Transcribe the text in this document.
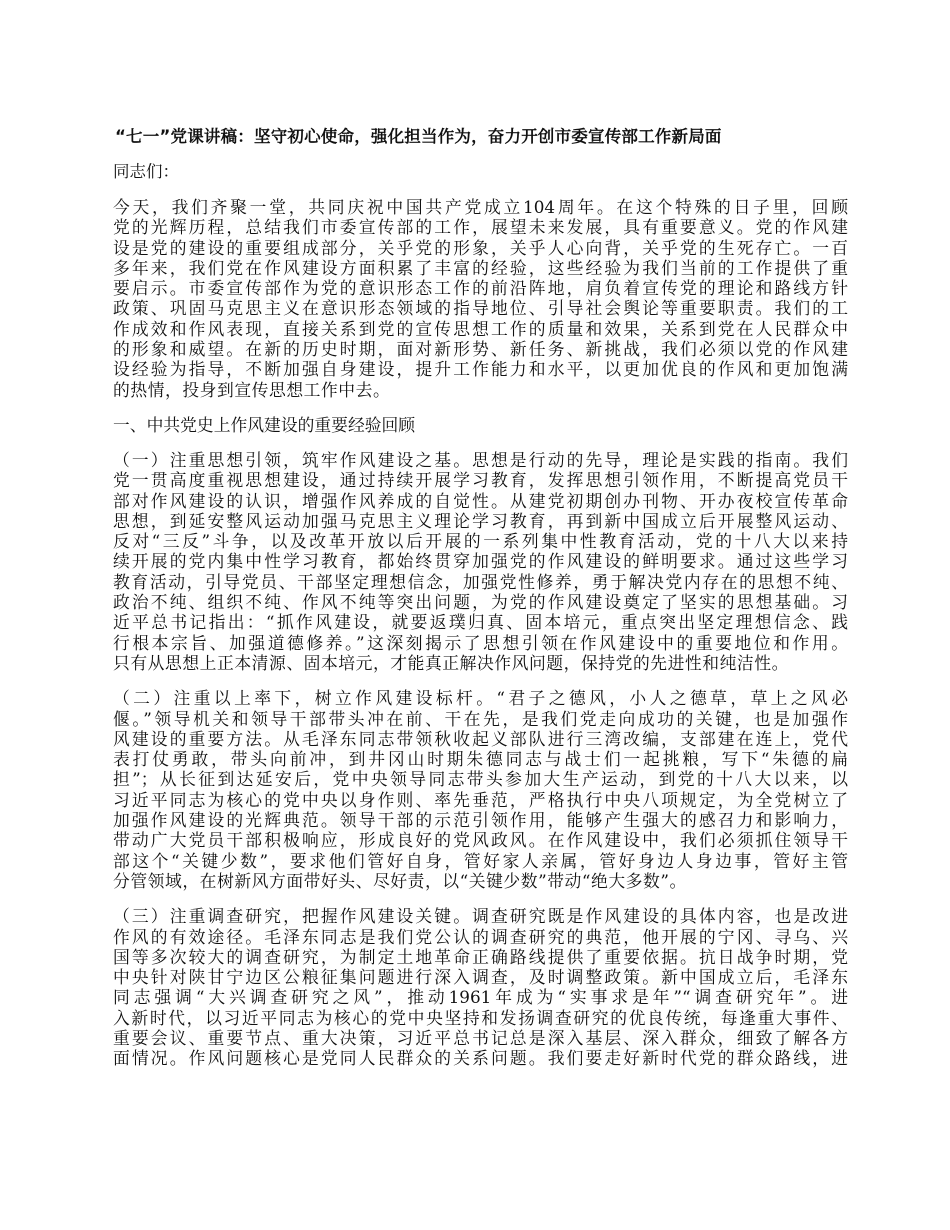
“七一”党课讲稿：坚守初心使命，强化担当作为，奋力开创市委宣传部工作新局面
同志们：
今天，我们齐聚一堂，共同庆祝中国共产党成立104周年。在这个特殊的日子里，回顾
党的光辉历程，总结我们市委宣传部的工作，展望未来发展，具有重要意义。党的作风建
设是党的建设的重要组成部分，关乎党的形象，关乎人心向背，关乎党的生死存亡。一百
多年来，我们党在作风建设方面积累了丰富的经验，这些经验为我们当前的工作提供了重
要启示。市委宣传部作为党的意识形态工作的前沿阵地，肩负着宣传党的理论和路线方针
政策、巩固马克思主义在意识形态领域的指导地位、引导社会舆论等重要职责。我们的工
作成效和作风表现，直接关系到党的宣传思想工作的质量和效果，关系到党在人民群众中
的形象和威望。在新的历史时期，面对新形势、新任务、新挑战，我们必须以党的作风建
设经验为指导，不断加强自身建设，提升工作能力和水平，以更加优良的作风和更加饱满
的热情，投身到宣传思想工作中去。
一、中共党史上作风建设的重要经验回顾
（一）注重思想引领，筑牢作风建设之基。思想是行动的先导，理论是实践的指南。我们
党一贯高度重视思想建设，通过持续开展学习教育，发挥思想引领作用，不断提高党员干
部对作风建设的认识，增强作风养成的自觉性。从建党初期创办刊物、开办夜校宣传革命
思想，到延安整风运动加强马克思主义理论学习教育，再到新中国成立后开展整风运动、
反对“三反”斗争，以及改革开放以后开展的一系列集中性教育活动，党的十八大以来持
续开展的党内集中性学习教育，都始终贯穿加强党的作风建设的鲜明要求。通过这些学习
教育活动，引导党员、干部坚定理想信念，加强党性修养，勇于解决党内存在的思想不纯、
政治不纯、组织不纯、作风不纯等突出问题，为党的作风建设奠定了坚实的思想基础。习
近平总书记指出：“抓作风建设，就要返璞归真、固本培元，重点突出坚定理想信念、践
行根本宗旨、加强道德修养。”这深刻揭示了思想引领在作风建设中的重要地位和作用。
只有从思想上正本清源、固本培元，才能真正解决作风问题，保持党的先进性和纯洁性。
（二）注重以上率下，树立作风建设标杆。“君子之德风，小人之德草，草上之风必
偃。”领导机关和领导干部带头冲在前、干在先，是我们党走向成功的关键，也是加强作
风建设的重要方法。从毛泽东同志带领秋收起义部队进行三湾改编，支部建在连上，党代
表打仗勇敢，带头向前冲，到井冈山时期朱德同志与战士们一起挑粮，写下“朱德的扁
担”；从长征到达延安后，党中央领导同志带头参加大生产运动，到党的十八大以来，以
习近平同志为核心的党中央以身作则、率先垂范，严格执行中央八项规定，为全党树立了
加强作风建设的光辉典范。领导干部的示范引领作用，能够产生强大的感召力和影响力，
带动广大党员干部积极响应，形成良好的党风政风。在作风建设中，我们必须抓住领导干
部这个“关键少数”，要求他们管好自身，管好家人亲属，管好身边人身边事，管好主管
分管领域，在树新风方面带好头、尽好责，以“关键少数”带动“绝大多数”。
（三）注重调查研究，把握作风建设关键。调查研究既是作风建设的具体内容，也是改进
作风的有效途径。毛泽东同志是我们党公认的调查研究的典范，他开展的宁冈、寻乌、兴
国等多次较大的调查研究，为制定土地革命正确路线提供了重要依据。抗日战争时期，党
中央针对陕甘宁边区公粮征集问题进行深入调查，及时调整政策。新中国成立后，毛泽东
同志强调“大兴调查研究之风”，推动1961年成为“实事求是年”“调查研究年”。进
入新时代，以习近平同志为核心的党中央坚持和发扬调查研究的优良传统，每逢重大事件、
重要会议、重要节点、重大决策，习近平总书记总是深入基层、深入群众，细致了解各方
面情况。作风问题核心是党同人民群众的关系问题。我们要走好新时代党的群众路线，进
